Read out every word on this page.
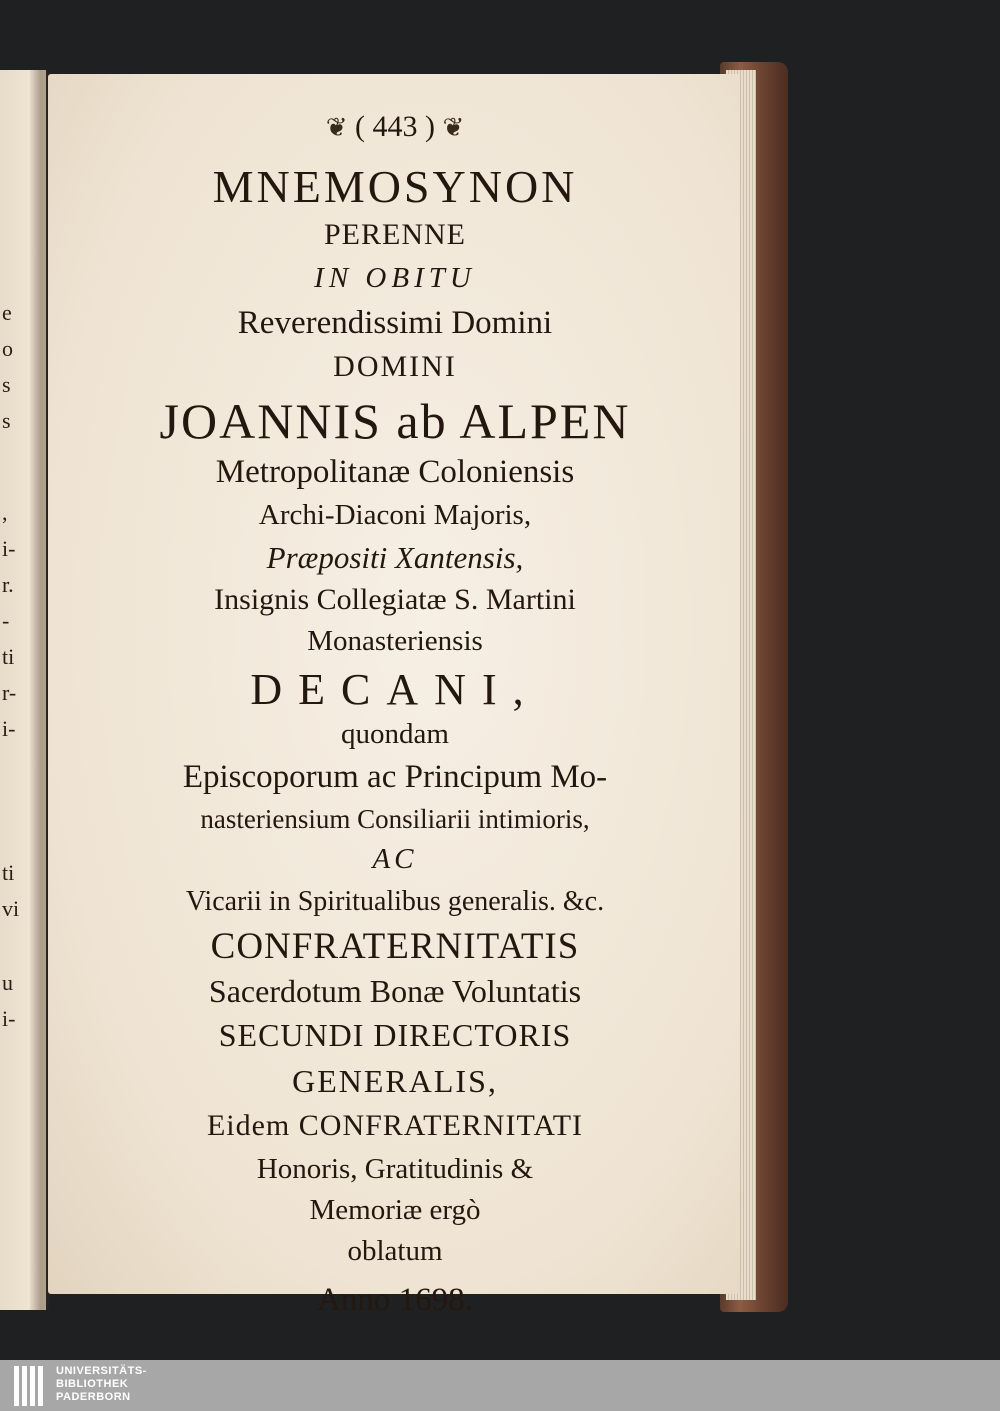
e
o
s
s
,
i-
r.
-
ti
r-
i-
ti
vi
u
i-
❦ ( 443 ) ❦
MNEMOSYNON
PERENNE
IN OBITU
Reverendissimi Domini
DOMINI
JOANNIS ab ALPEN
Metropolitanæ Coloniensis
Archi-Diaconi Majoris,
Præpositi Xantensis,
Insignis Collegiatæ S. Martini
Monasteriensis
DECANI,
quondam
Episcoporum ac Principum Mo-
nasteriensium Consiliarii intimioris,
AC
Vicarii in Spiritualibus generalis. &c.
CONFRATERNITATIS
Sacerdotum Bonæ Voluntatis
SECUNDI DIRECTORIS
GENERALIS,
Eidem CONFRATERNITATI
Honoris, Gratitudinis &
Memoriæ ergò
oblatum
Anno 1698.
UNIVERSITÄTS-
BIBLIOTHEK
PADERBORN
